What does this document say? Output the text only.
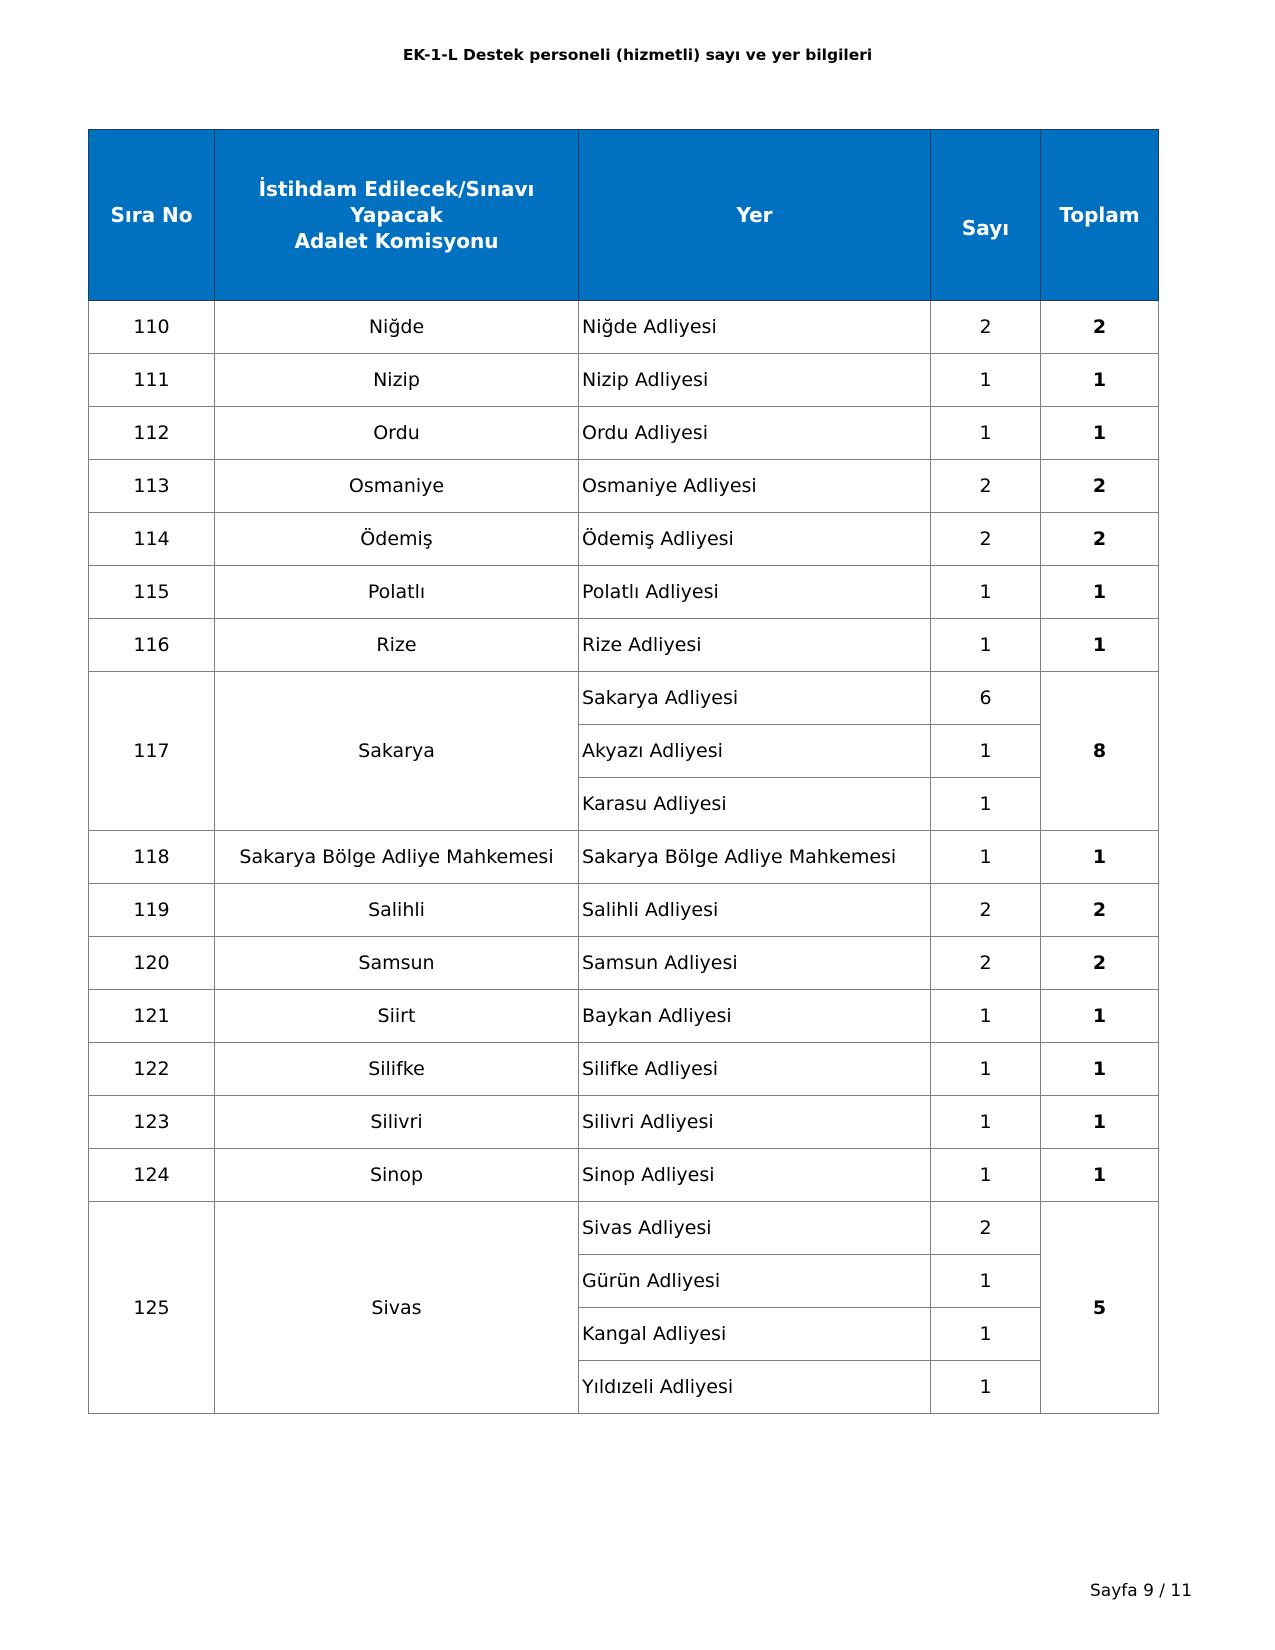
EK-1-L Destek personeli (hizmetli) sayı ve yer bilgileri
Sıra No	İstihdam Edilecek/Sınavı
Yapacak
Adalet Komisyonu	Yer	Sayı	Toplam
110	Niğde	Niğde Adliyesi	2	2
111	Nizip	Nizip Adliyesi	1	1
112	Ordu	Ordu Adliyesi	1	1
113	Osmaniye	Osmaniye Adliyesi	2	2
114	Ödemiş	Ödemiş Adliyesi	2	2
115	Polatlı	Polatlı Adliyesi	1	1
116	Rize	Rize Adliyesi	1	1
117	Sakarya	Sakarya Adliyesi	6	8
		Akyazı Adliyesi	1	
		Karasu Adliyesi	1	
118	Sakarya Bölge Adliye Mahkemesi	Sakarya Bölge Adliye Mahkemesi	1	1
119	Salihli	Salihli Adliyesi	2	2
120	Samsun	Samsun Adliyesi	2	2
121	Siirt	Baykan Adliyesi	1	1
122	Silifke	Silifke Adliyesi	1	1
123	Silivri	Silivri Adliyesi	1	1
124	Sinop	Sinop Adliyesi	1	1
125	Sivas	Sivas Adliyesi	2	5
		Gürün Adliyesi	1	
		Kangal Adliyesi	1	
		Yıldızeli Adliyesi	1	
Sayfa 9 / 11
